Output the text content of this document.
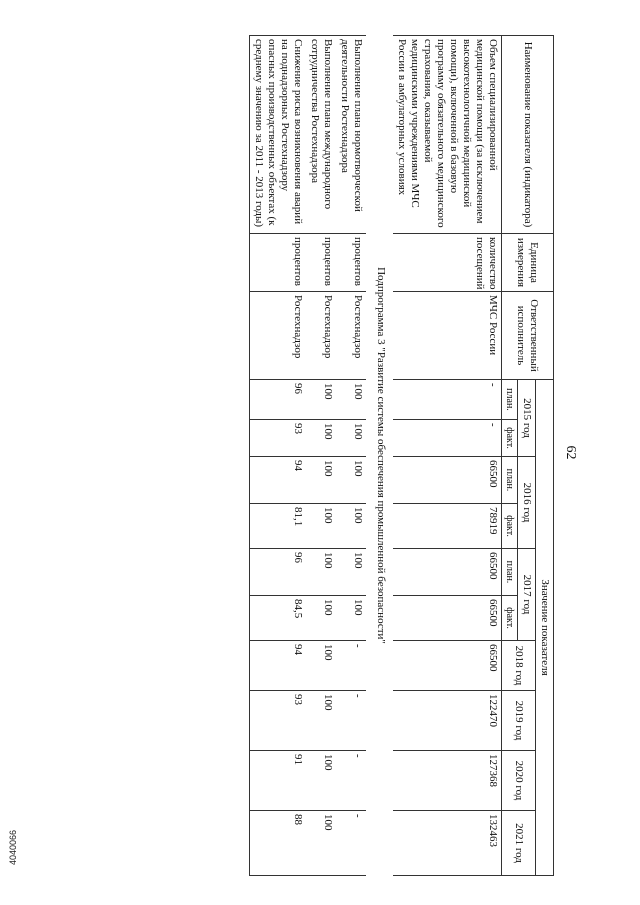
62
Наименование показателя (индикатора)	Единица измерения	Ответственный исполнитель	Значение показателя									
			2015 год		2016 год		2017 год		2018 год	2019 год	2020 год	2021 год
			план.	факт.	план.	факт.	план.	факт.				
Объем специализированной медицинской помощи (за исключением высокотехнологичной медицинской помощи), включенной в базовую программу обязательного медицинского страхования, оказываемой медицинскими учреждениями МЧС России в амбулаторных условиях	количество посещений	МЧС России	-	-	66500	78919	66500	66500	66500	122470	127368	132463
Подпрограмма 3 "Развитие системы обеспечения промышленной безопасности"												
Выполнение плана нормотворческой деятельности Ростехнадзора	процентов	Ростехнадзор	100	100	100	100	100	100	-	-	-	-
Выполнение плана международного сотрудничества Ростехнадзора	процентов	Ростехнадзор	100	100	100	100	100	100	100	100	100	100
Снижение риска возникновения аварий на поднадзорных Ростехнадзору опасных производственных объектах (к среднему значению за 2011 - 2013 годы)	процентов	Ростехнадзор	96	93	94	81,1	96	84,5	94	93	91	88
4040066
